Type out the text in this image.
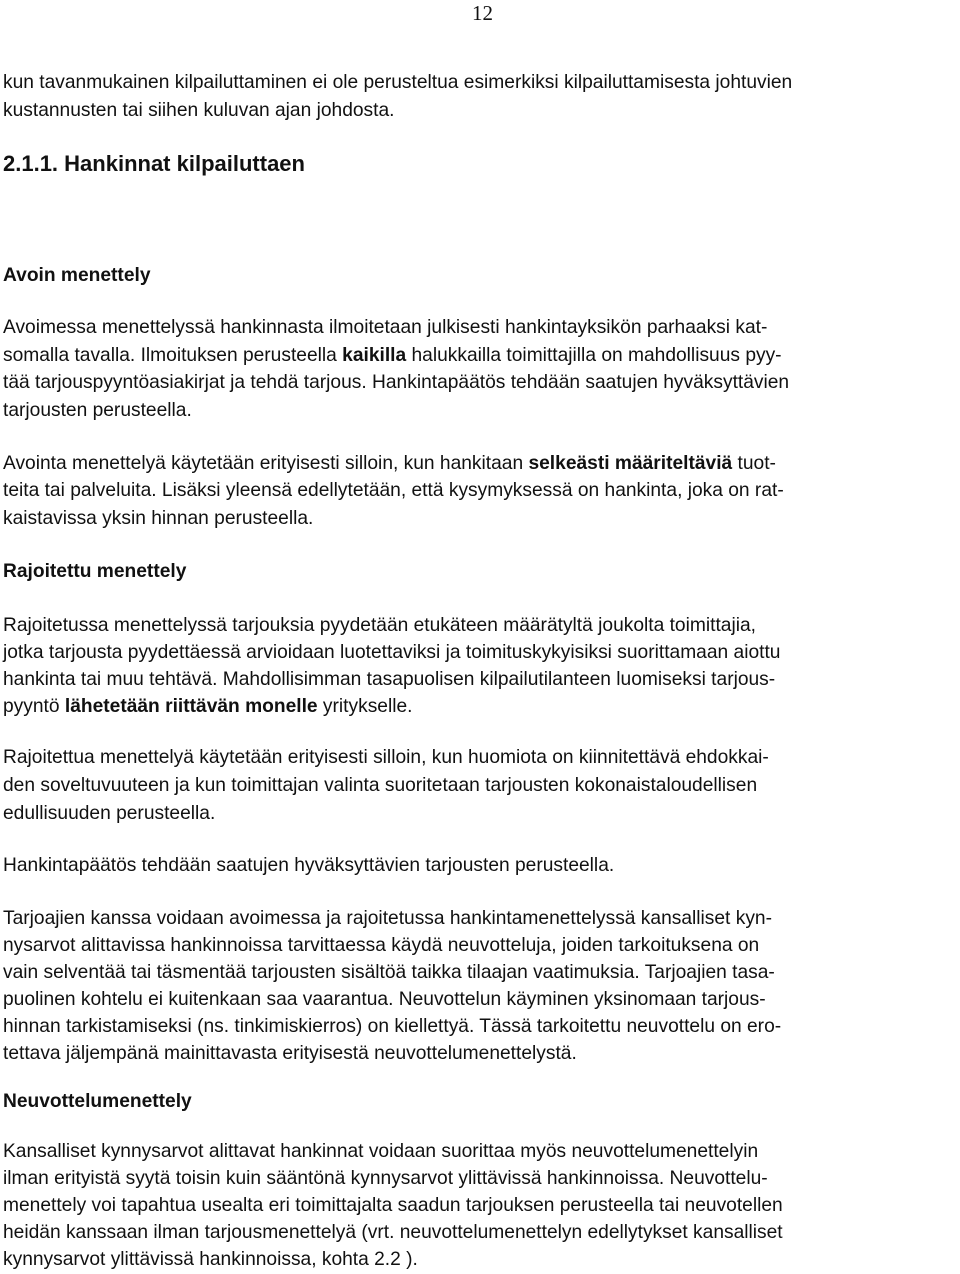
12
kun tavanmukainen kilpailuttaminen ei ole perusteltua esimerkiksi kilpailuttamisesta johtuvien
kustannusten tai siihen kuluvan ajan johdosta.
2.1.1. Hankinnat kilpailuttaen
Avoin menettely
Avoimessa menettelyssä hankinnasta ilmoitetaan julkisesti hankintayksikön parhaaksi kat-
somalla tavalla. Ilmoituksen perusteella kaikilla halukkailla toimittajilla on mahdollisuus pyy-
tää tarjouspyyntöasiakirjat ja tehdä tarjous. Hankintapäätös tehdään saatujen hyväksyttävien
tarjousten perusteella.
Avointa menettelyä käytetään erityisesti silloin, kun hankitaan selkeästi määriteltäviä tuot-
teita tai palveluita. Lisäksi yleensä edellytetään, että kysymyksessä on hankinta, joka on rat-
kaistavissa yksin hinnan perusteella.
Rajoitettu menettely
Rajoitetussa menettelyssä tarjouksia pyydetään etukäteen määrätyltä joukolta toimittajia,
jotka tarjousta pyydettäessä arvioidaan luotettaviksi ja toimituskykyisiksi suorittamaan aiottu
hankinta tai muu tehtävä. Mahdollisimman tasapuolisen kilpailutilanteen luomiseksi tarjous-
pyyntö lähetetään riittävän monelle yritykselle.
Rajoitettua menettelyä käytetään erityisesti silloin, kun huomiota on kiinnitettävä ehdokkai-
den soveltuvuuteen ja kun toimittajan valinta suoritetaan tarjousten kokonaistaloudellisen
edullisuuden perusteella.
Hankintapäätös tehdään saatujen hyväksyttävien tarjousten perusteella.
Tarjoajien kanssa voidaan avoimessa ja rajoitetussa hankintamenettelyssä kansalliset kyn-
nysarvot alittavissa hankinnoissa tarvittaessa käydä neuvotteluja, joiden tarkoituksena on
vain selventää tai täsmentää tarjousten sisältöä taikka tilaajan vaatimuksia. Tarjoajien tasa-
puolinen kohtelu ei kuitenkaan saa vaarantua. Neuvottelun käyminen yksinomaan tarjous-
hinnan tarkistamiseksi (ns. tinkimiskierros) on kiellettyä. Tässä tarkoitettu neuvottelu on ero-
tettava jäljempänä mainittavasta erityisestä neuvottelumenettelystä.
Neuvottelumenettely
Kansalliset kynnysarvot alittavat hankinnat voidaan suorittaa myös neuvottelumenettelyin
ilman erityistä syytä toisin kuin sääntönä kynnysarvot ylittävissä hankinnoissa. Neuvottelu-
menettely voi tapahtua usealta eri toimittajalta saadun tarjouksen perusteella tai neuvotellen
heidän kanssaan ilman tarjousmenettelyä (vrt. neuvottelumenettelyn edellytykset kansalliset
kynnysarvot ylittävissä hankinnoissa, kohta 2.2 ).
